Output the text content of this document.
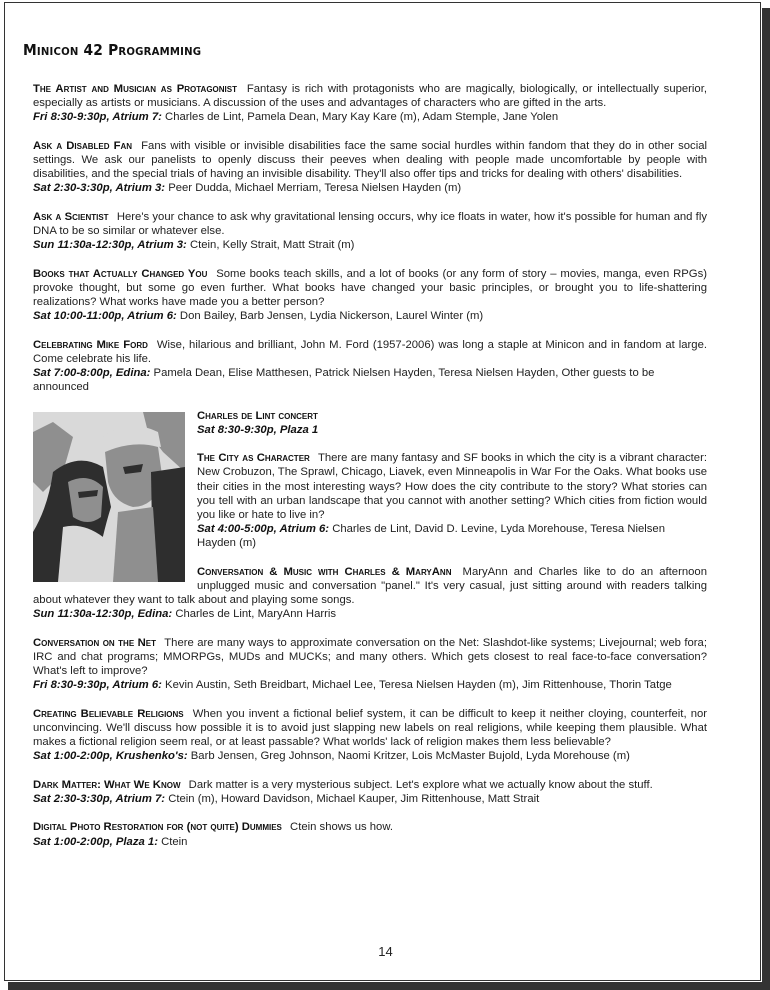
Minicon 42 Programming
The Artist and Musician as Protagonist Fantasy is rich with protagonists who are magically, biologically, or intellectually superior, especially as artists or musicians. A discussion of the uses and advantages of characters who are gifted in the arts.
Fri 8:30-9:30p, Atrium 7: Charles de Lint, Pamela Dean, Mary Kay Kare (m), Adam Stemple, Jane Yolen
Ask a Disabled Fan Fans with visible or invisible disabilities face the same social hurdles within fandom that they do in other social settings. We ask our panelists to openly discuss their peeves when dealing with people made uncomfortable by people with disabilities, and the special trials of having an invisible disability. They'll also offer tips and tricks for dealing with others' disabilities.
Sat 2:30-3:30p, Atrium 3: Peer Dudda, Michael Merriam, Teresa Nielsen Hayden (m)
Ask a Scientist Here's your chance to ask why gravitational lensing occurs, why ice floats in water, how it's possible for human and fly DNA to be so similar or whatever else.
Sun 11:30a-12:30p, Atrium 3: Ctein, Kelly Strait, Matt Strait (m)
Books that Actually Changed You Some books teach skills, and a lot of books (or any form of story – movies, manga, even RPGs) provoke thought, but some go even further. What books have changed your basic principles, or brought you to life-shattering realizations? What works have made you a better person?
Sat 10:00-11:00p, Atrium 6: Don Bailey, Barb Jensen, Lydia Nickerson, Laurel Winter (m)
Celebrating Mike Ford Wise, hilarious and brilliant, John M. Ford (1957-2006) was long a staple at Minicon and in fandom at large. Come celebrate his life.
Sat 7:00-8:00p, Edina: Pamela Dean, Elise Matthesen, Patrick Nielsen Hayden, Teresa Nielsen Hayden, Other guests to be announced
Charles de Lint concert
Sat 8:30-9:30p, Plaza 1
The City as Character There are many fantasy and SF books in which the city is a vibrant character: New Crobuzon, The Sprawl, Chicago, Liavek, even Minneapolis in War For the Oaks. What books use their cities in the most interesting ways? How does the city contribute to the story? What stories can you tell with an urban landscape that you cannot with another setting? Which cities from fiction would you like or hate to live in?
Sat 4:00-5:00p, Atrium 6: Charles de Lint, David D. Levine, Lyda Morehouse, Teresa Nielsen Hayden (m)
Conversation & Music with Charles & MaryAnn MaryAnn and Charles like to do an afternoon unplugged music and conversation "panel." It's very casual, just sitting around with readers talking about whatever they want to talk about and playing some songs.
Sun 11:30a-12:30p, Edina: Charles de Lint, MaryAnn Harris
Conversation on the Net There are many ways to approximate conversation on the Net: Slashdot-like systems; Livejournal; web fora; IRC and chat programs; MMORPGs, MUDs and MUCKs; and many others. Which gets closest to real face-to-face conversation? What's left to improve?
Fri 8:30-9:30p, Atrium 6: Kevin Austin, Seth Breidbart, Michael Lee, Teresa Nielsen Hayden (m), Jim Rittenhouse, Thorin Tatge
Creating Believable Religions When you invent a fictional belief system, it can be difficult to keep it neither cloying, counterfeit, nor unconvincing. We'll discuss how possible it is to avoid just slapping new labels on real religions, while keeping them plausible. What makes a fictional religion seem real, or at least passable? What worlds' lack of religion makes them less believable?
Sat 1:00-2:00p, Krushenko's: Barb Jensen, Greg Johnson, Naomi Kritzer, Lois McMaster Bujold, Lyda Morehouse (m)
Dark Matter: What We Know Dark matter is a very mysterious subject. Let's explore what we actually know about the stuff.
Sat 2:30-3:30p, Atrium 7: Ctein (m), Howard Davidson, Michael Kauper, Jim Rittenhouse, Matt Strait
Digital Photo Restoration for (not quite) Dummies Ctein shows us how.
Sat 1:00-2:00p, Plaza 1: Ctein
14
